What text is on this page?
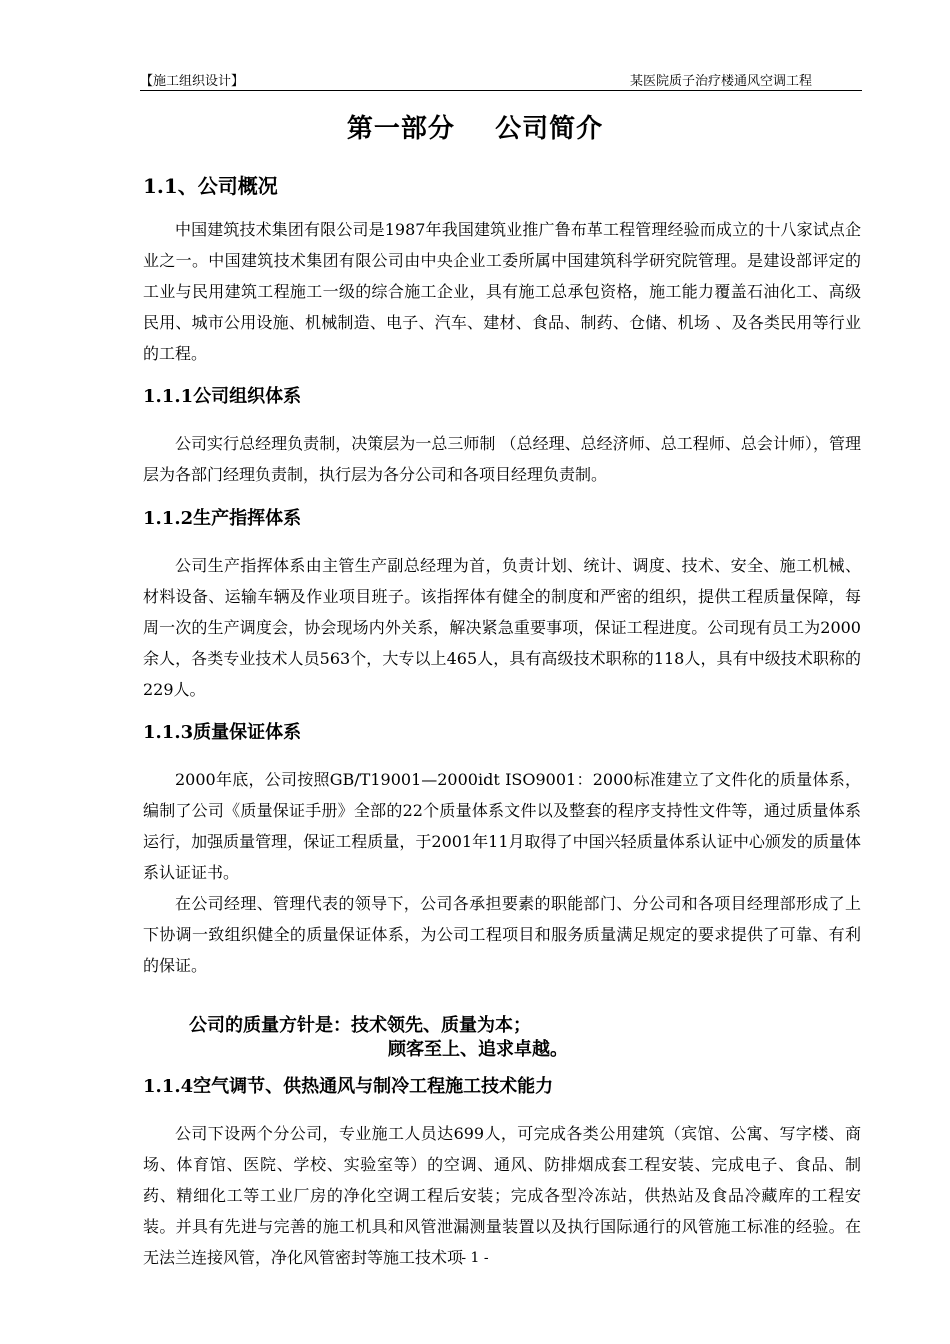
【施工组织设计】	某医院质子治疗楼通风空调工程
第一部分    公司简介
1.1、公司概况
中国建筑技术集团有限公司是1987年我国建筑业推广鲁布革工程管理经验而成立的十八家试点企业之一。中国建筑技术集团有限公司由中央企业工委所属中国建筑科学研究院管理。是建设部评定的工业与民用建筑工程施工一级的综合施工企业，具有施工总承包资格，施工能力覆盖石油化工、高级民用、城市公用设施、机械制造、电子、汽车、建材、食品、制药、仓储、机场 、及各类民用等行业的工程。
1.1.1公司组织体系
公司实行总经理负责制，决策层为一总三师制 （总经理、总经济师、总工程师、总会计师），管理层为各部门经理负责制，执行层为各分公司和各项目经理负责制。
1.1.2生产指挥体系
公司生产指挥体系由主管生产副总经理为首，负责计划、统计、调度、技术、安全、施工机械、材料设备、运输车辆及作业项目班子。该指挥体有健全的制度和严密的组织，提供工程质量保障，每周一次的生产调度会，协会现场内外关系，解决紧急重要事项，保证工程进度。公司现有员工为2000余人，各类专业技术人员563个，大专以上465人，具有高级技术职称的118人，具有中级技术职称的229人。
1.1.3质量保证体系
2000年底，公司按照GB/T19001—2000idt ISO9001：2000标准建立了文件化的质量体系，编制了公司《质量保证手册》全部的22个质量体系文件以及整套的程序支持性文件等，通过质量体系运行，加强质量管理，保证工程质量，于2001年11月取得了中国兴轻质量体系认证中心颁发的质量体系认证证书。
在公司经理、管理代表的领导下，公司各承担要素的职能部门、分公司和各项目经理部形成了上下协调一致组织健全的质量保证体系，为公司工程项目和服务质量满足规定的要求提供了可靠、有利的保证。
公司的质量方针是：技术领先、质量为本；
顾客至上、追求卓越。
1.1.4空气调节、供热通风与制冷工程施工技术能力
公司下设两个分公司，专业施工人员达699人，可完成各类公用建筑（宾馆、公寓、写字楼、商场、体育馆、医院、学校、实验室等）的空调、通风、防排烟成套工程安装、完成电子、食品、制药、精细化工等工业厂房的净化空调工程后安装；完成各型冷冻站，供热站及食品冷藏库的工程安装。并具有先进与完善的施工机具和风管泄漏测量装置以及执行国际通行的风管施工标准的经验。在无法兰连接风管，净化风管密封等施工技术项
- 1 -
